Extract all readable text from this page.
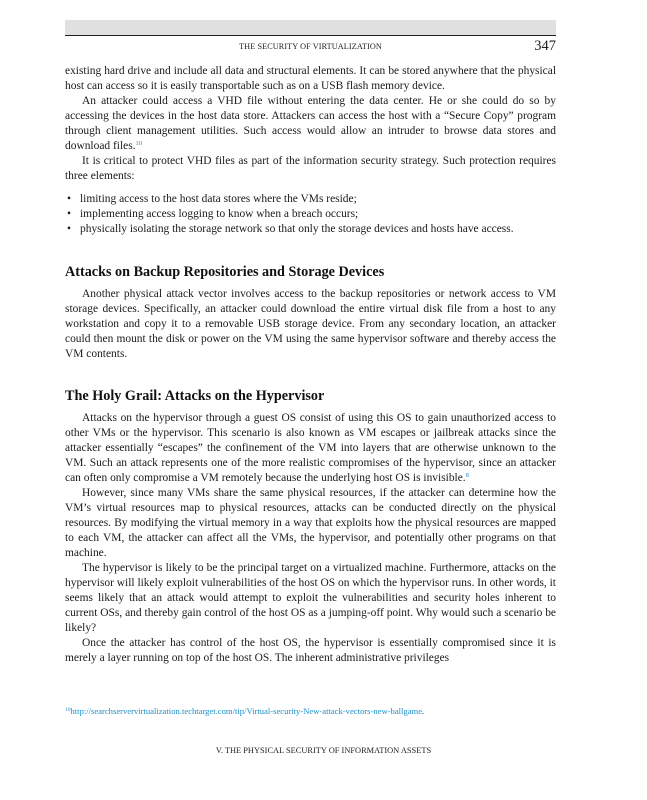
THE SECURITY OF VIRTUALIZATION	347

existing hard drive and include all data and structural elements. It can be stored anywhere that the physical host can access so it is easily transportable such as on a USB flash memory device.

An attacker could access a VHD file without entering the data center. He or she could do so by accessing the devices in the host data store. Attackers can access the host with a “Secure Copy” program through client management utilities. Such access would allow an intruder to browse data stores and download files.$^{10}$

It is critical to protect VHD files as part of the information security strategy. Such protection requires three elements:

• limiting access to the host data stores where the VMs reside;
• implementing access logging to know when a breach occurs;
• physically isolating the storage network so that only the storage devices and hosts have access.
Attacks on Backup Repositories and Storage Devices

Another physical attack vector involves access to the backup repositories or network access to VM storage devices. Specifically, an attacker could download the entire virtual disk file from a host to any workstation and copy it to a removable USB storage device. From any secondary location, an attacker could then mount the disk or power on the VM using the same hypervisor software and thereby access the VM contents.

The Holy Grail: Attacks on the Hypervisor

Attacks on the hypervisor through a guest OS consist of using this OS to gain unauthorized access to other VMs or the hypervisor. This scenario is also known as VM escapes or jailbreak attacks since the attacker essentially “escapes” the confinement of the VM into layers that are otherwise unknown to the VM. Such an attack represents one of the more realistic compromises of the hypervisor, since an attacker can often only compromise a VM remotely because the underlying host OS is invisible.$^8$

However, since many VMs share the same physical resources, if the attacker can determine how the VM’s virtual resources map to physical resources, attacks can be conducted directly on the physical resources. By modifying the virtual memory in a way that exploits how the physical resources are mapped to each VM, the attacker can affect all the VMs, the hypervisor, and potentially other programs on that machine.

The hypervisor is likely to be the principal target on a virtualized machine. Furthermore, attacks on the hypervisor will likely exploit vulnerabilities of the host OS on which the hypervisor runs. In other words, it seems likely that an attack would attempt to exploit the vulnerabilities and security holes inherent to current OSs, and thereby gain control of the host OS as a jumping-off point. Why would such a scenario be likely?

Once the attacker has control of the host OS, the hypervisor is essentially compromised since it is merely a layer running on top of the host OS. The inherent administrative privileges

$^{10}$http://searchservervirtualization.techtarget.com/tip/Virtual-security-New-attack-vectors-new-ballgame.
V. THE PHYSICAL SECURITY OF INFORMATION ASSETS
